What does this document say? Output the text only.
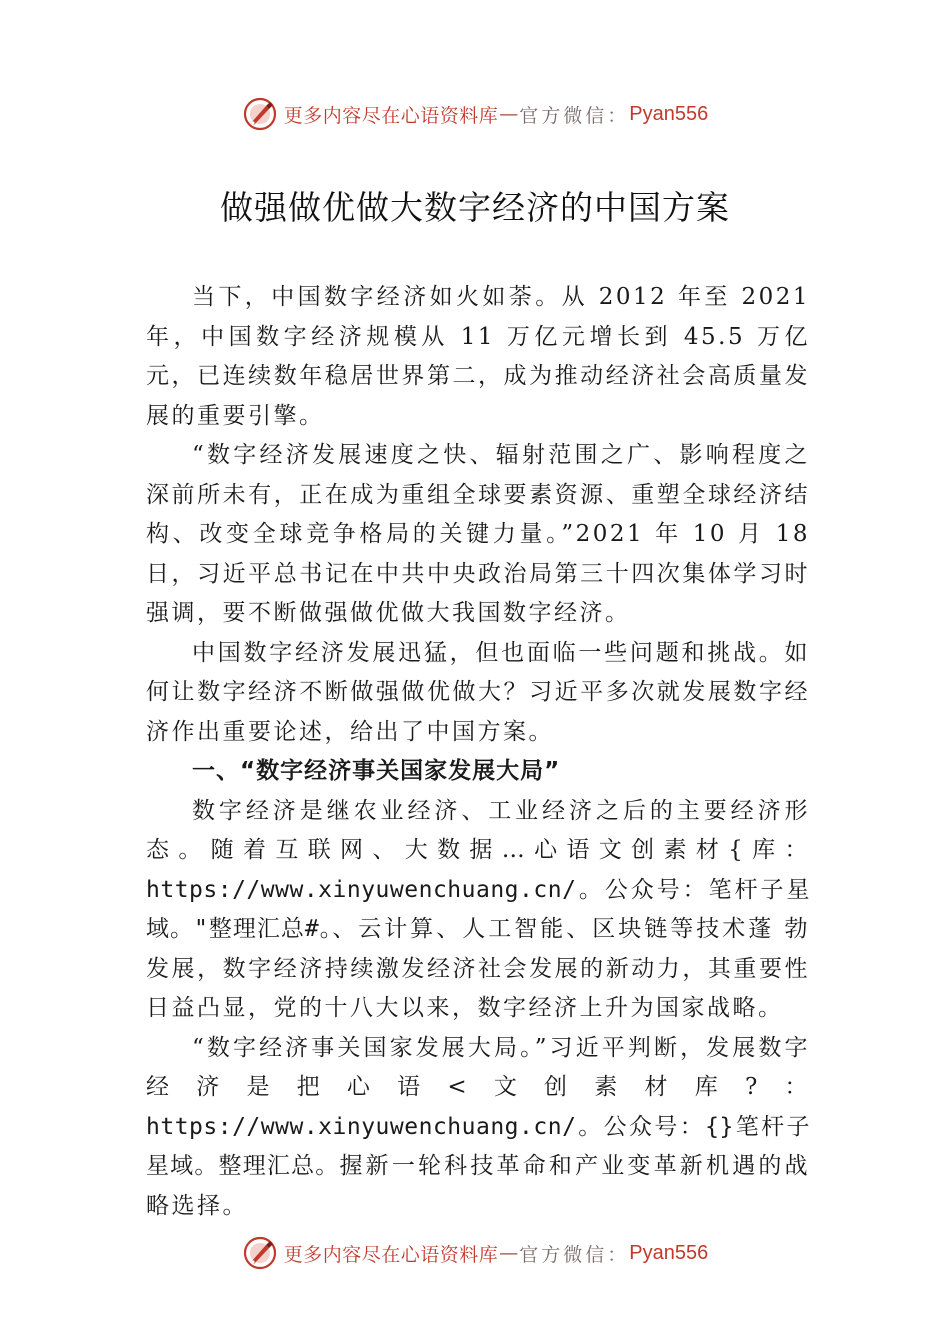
更多内容尽在心语资料库 — 官方微信： Pyan556
做强做优做大数字经济的中国方案

当下，中国数字经济如火如荼。从 2012 年至 2021 年，中国数字经济规模从 11 万亿元增长到 45.5 万亿元，已连续数年稳居世界第二，成为推动经济社会高质量发展的重要引擎。

“数字经济发展速度之快、辐射范围之广、影响程度之深前所未有，正在成为重组全球要素资源、重塑全球经济结构、改变全球竞争格局的关键力量。”2021 年 10 月 18 日，习近平总书记在中共中央政治局第三十四次集体学习时强调，要不断做强做优做大我国数字经济。

中国数字经济发展迅猛，但也面临一些问题和挑战。如何让数字经济不断做强做优做大？习近平多次就发展数字经济作出重要论述，给出了中国方案。

一、“数字经济事关国家发展大局”

数字经济是继农业经济、工业经济之后的主要经济形态。随着互联网、大数据…心语文创素材{库：https://www.xinyuwenchuang.cn/。公众号：笔杆子星域。"整理汇总#。、云计算、人工智能、区块链等技术蓬 勃发展，数字经济持续激发经济社会发展的新动力，其重要性日益凸显，党的十八大以来，数字经济上升为国家战略。

“数字经济事关国家发展大局。”习近平判断，发展数字经济是把心语<文创素材库?：https://www.xinyuwenchuang.cn/。公众号：{}笔杆子星域。整理汇总。握新一轮科技革命和产业变革新机遇的战略选择。

更多内容尽在心语资料库 — 官方微信： Pyan556
